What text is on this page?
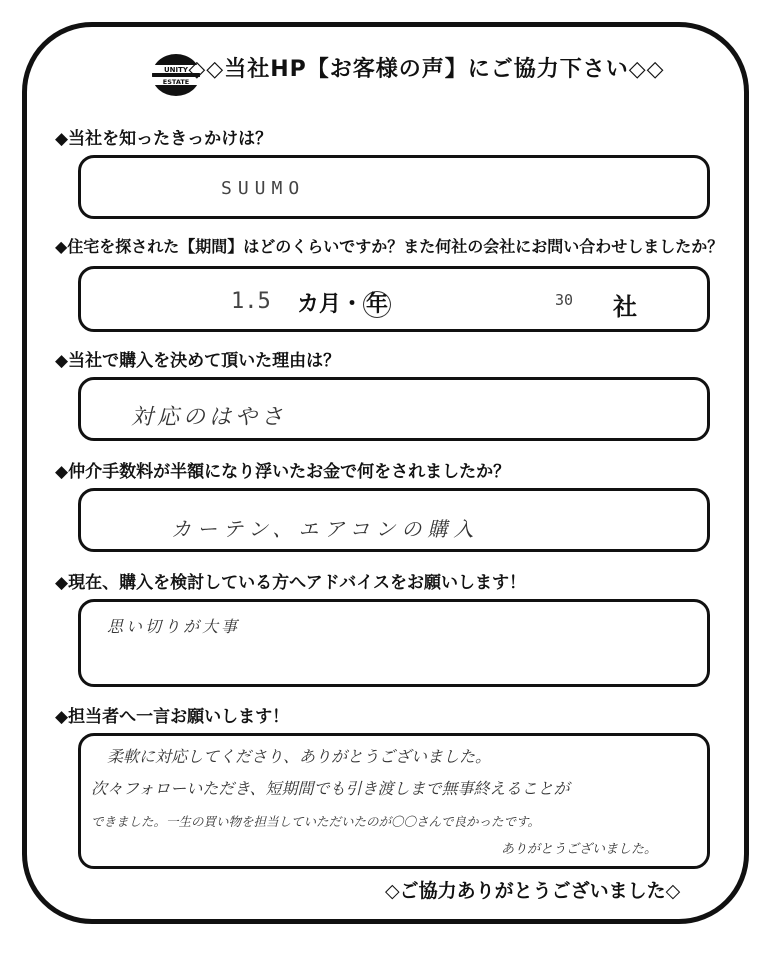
UNITY
ESTATE ◇◇当社HP【お客様の声】にご協力下さい◇◇
◆当社を知ったきっかけは？
SUUMO
◆住宅を探された【期間】はどのくらいですか？また何社の会社にお問い合わせしましたか？
1.5 カ月・ 年	30 社
◆当社で購入を決めて頂いた理由は？
対応のはやさ
◆仲介手数料が半額になり浮いたお金で何をされましたか？
カーテン、エアコンの購入
◆現在、購入を検討している方へアドバイスをお願いします！
思い切りが大事
◆担当者へ一言お願いします！
柔軟に対応してくださり、ありがとうございました。
次々フォローいただき、短期間でも引き渡しまで無事終えることが
できました。一生の買い物を担当していただいたのが〇〇さんで良かったです。
ありがとうございました。
◇ご協力ありがとうございました◇
